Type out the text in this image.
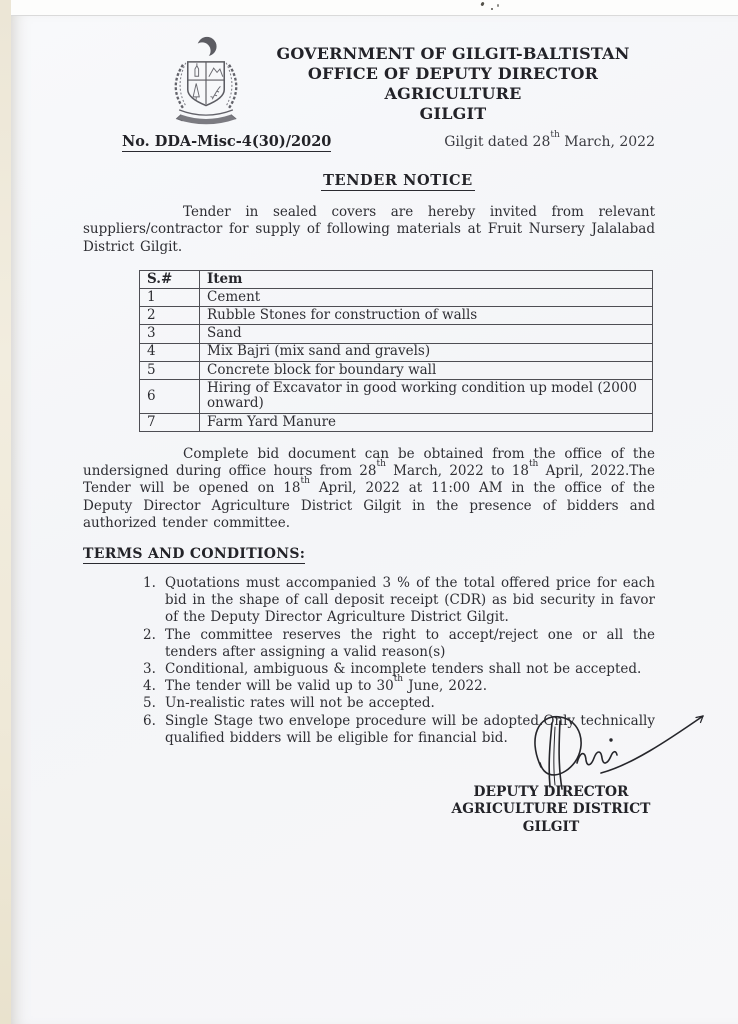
GOVERNMENT OF GILGIT-BALTISTAN
OFFICE OF DEPUTY DIRECTOR AGRICULTURE
GILGIT
No. DDA-Misc-4(30)/2020	Gilgit dated 28th March, 2022
TENDER NOTICE

Tender in sealed covers are hereby invited from relevant suppliers/contractor for supply of following materials at Fruit Nursery Jalalabad District Gilgit.

S.#	Item
1	Cement
2	Rubble Stones for construction of walls
3	Sand
4	Mix Bajri (mix sand and gravels)
5	Concrete block for boundary wall
6	Hiring of Excavator in good working condition up model (2000 onward)
7	Farm Yard Manure

Complete bid document can be obtained from the office of the undersigned during office hours from 28th March, 2022 to 18th April, 2022.The Tender will be opened on 18th April, 2022 at 11:00 AM in the office of the Deputy Director Agriculture District Gilgit in the presence of bidders and authorized tender committee.

TERMS AND CONDITIONS:
1. Quotations must accompanied 3 % of the total offered price for each bid in the shape of call deposit receipt (CDR) as bid security in favor of the Deputy Director Agriculture District Gilgit.
2. The committee reserves the right to accept/reject one or all the tenders after assigning a valid reason(s)
3. Conditional, ambiguous & incomplete tenders shall not be accepted.
4. The tender will be valid up to 30th June, 2022.
5. Un-realistic rates will not be accepted.
6. Single Stage two envelope procedure will be adopted.Only technically qualified bidders will be eligible for financial bid.
DEPUTY DIRECTOR
AGRICULTURE DISTRICT
GILGIT
